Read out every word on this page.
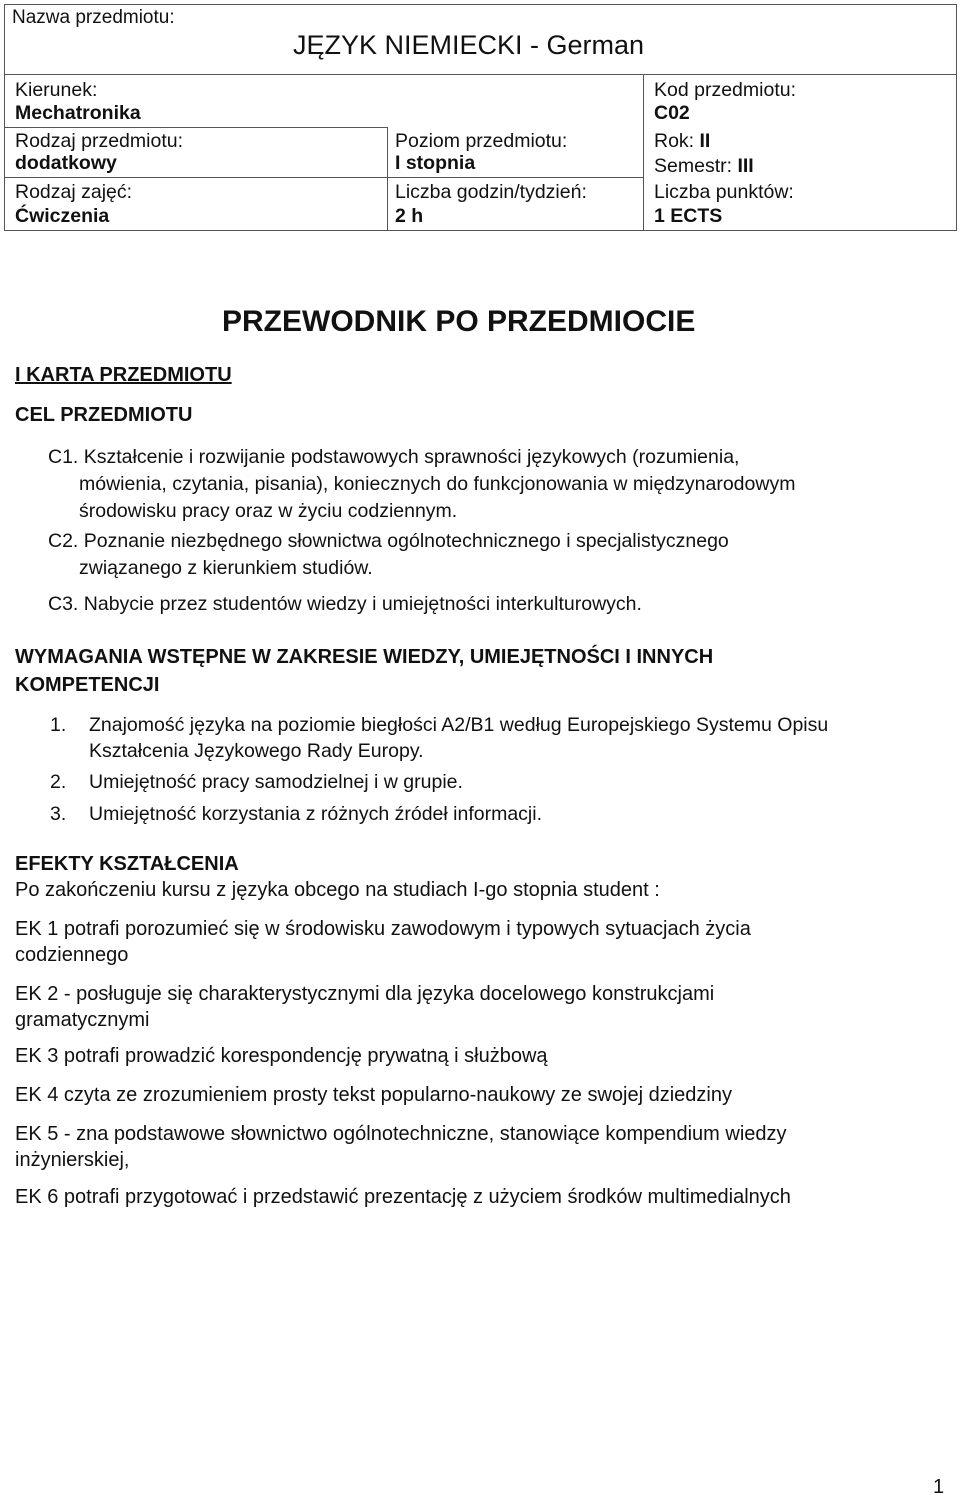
Nazwa przedmiotu:
JĘZYK NIEMIECKI - German
Kierunek:
Mechatronika
Rodzaj przedmiotu:
dodatkowy
Rodzaj zajęć:
Ćwiczenia
Poziom przedmiotu:
I stopnia
Liczba godzin/tydzień:
2 h
Kod przedmiotu:
C02
Rok: II
Semestr: III
Liczba punktów:
1 ECTS
PRZEWODNIK PO PRZEDMIOCIE
I KARTA PRZEDMIOTU
CEL PRZEDMIOTU
C1. Kształcenie i rozwijanie podstawowych sprawności językowych (rozumienia,
mówienia, czytania, pisania), koniecznych do funkcjonowania w międzynarodowym
środowisku pracy oraz w życiu codziennym.
C2. Poznanie niezbędnego słownictwa ogólnotechnicznego i specjalistycznego
związanego z kierunkiem studiów.
C3. Nabycie przez studentów wiedzy i umiejętności interkulturowych.
WYMAGANIA WSTĘPNE W ZAKRESIE WIEDZY, UMIEJĘTNOŚCI I INNYCH
KOMPETENCJI
1. Znajomość języka na poziomie biegłości A2/B1 według Europejskiego Systemu Opisu
Kształcenia Językowego Rady Europy.
2. Umiejętność pracy samodzielnej i w grupie.
3. Umiejętność korzystania z różnych źródeł informacji.
EFEKTY KSZTAŁCENIA
Po zakończeniu kursu z języka obcego na studiach I-go stopnia student :
EK 1 potrafi porozumieć się w środowisku zawodowym i typowych sytuacjach życia
codziennego
EK 2 - posługuje się charakterystycznymi dla języka docelowego konstrukcjami
gramatycznymi
EK 3 potrafi prowadzić korespondencję prywatną i służbową
EK 4 czyta ze zrozumieniem prosty tekst popularno-naukowy ze swojej dziedziny
EK 5 - zna podstawowe słownictwo ogólnotechniczne, stanowiące kompendium wiedzy
inżynierskiej,
EK 6 potrafi przygotować i przedstawić prezentację z użyciem środków multimedialnych
1
